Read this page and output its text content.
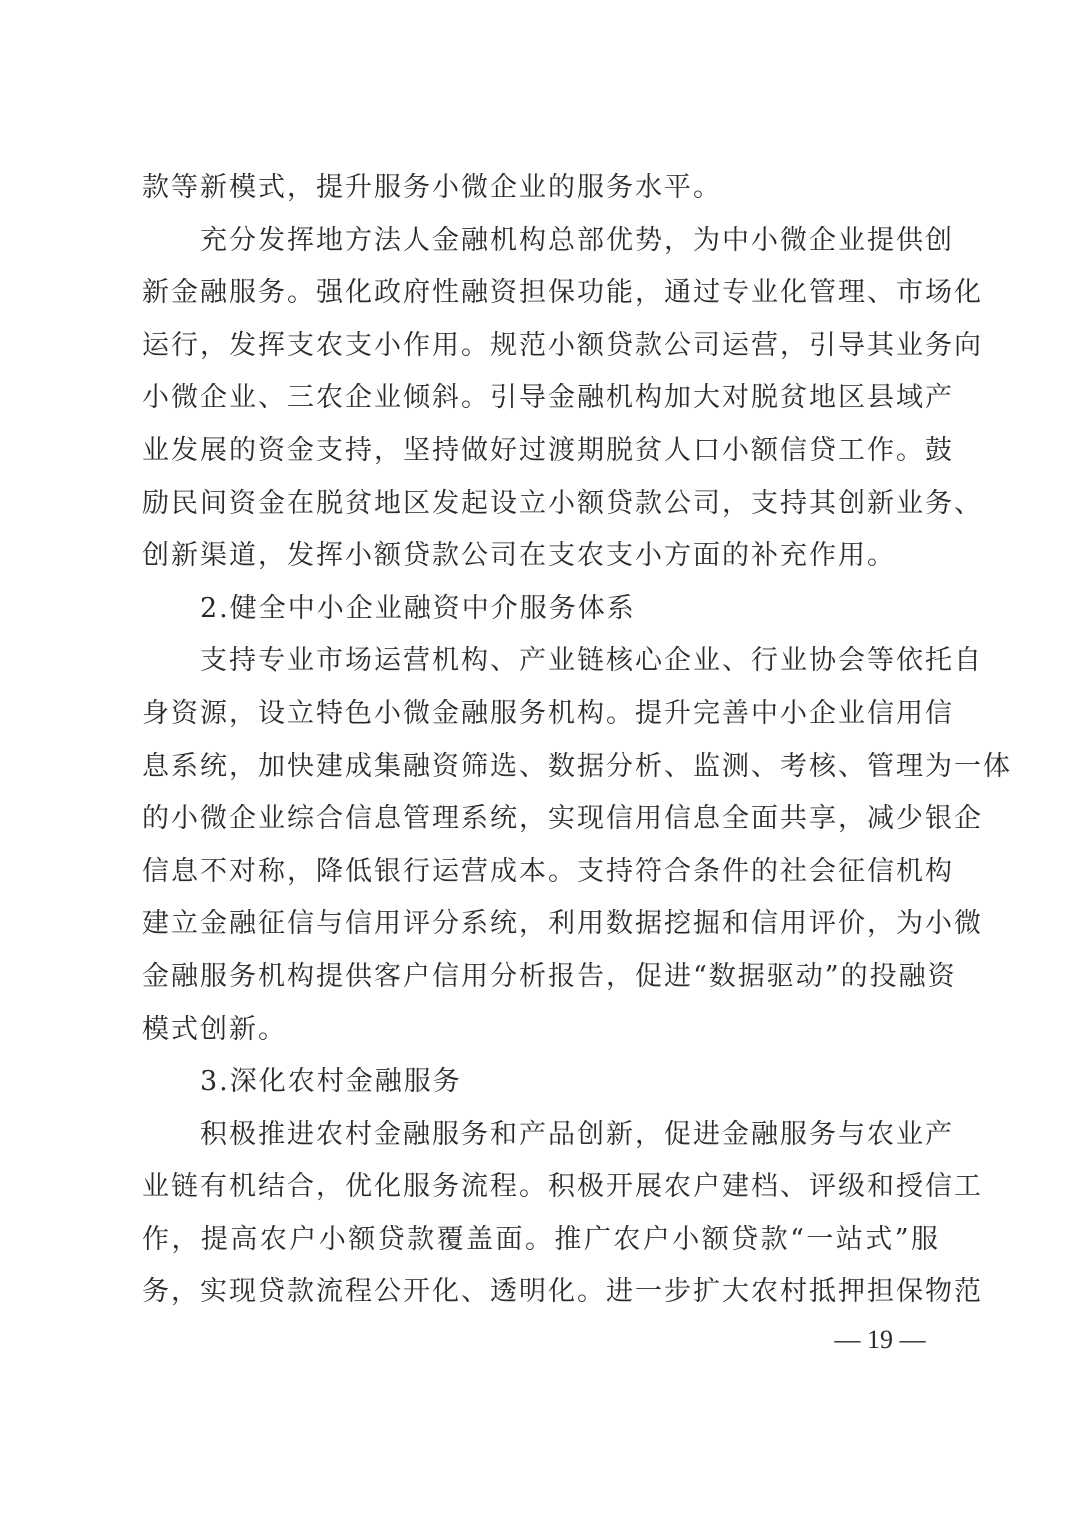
款等新模式，提升服务小微企业的服务水平。
充分发挥地方法人金融机构总部优势，为中小微企业提供创
新金融服务。强化政府性融资担保功能，通过专业化管理、市场化
运行，发挥支农支小作用。规范小额贷款公司运营，引导其业务向
小微企业、三农企业倾斜。引导金融机构加大对脱贫地区县域产
业发展的资金支持，坚持做好过渡期脱贫人口小额信贷工作。鼓
励民间资金在脱贫地区发起设立小额贷款公司，支持其创新业务、
创新渠道，发挥小额贷款公司在支农支小方面的补充作用。
2.健全中小企业融资中介服务体系
支持专业市场运营机构、产业链核心企业、行业协会等依托自
身资源，设立特色小微金融服务机构。提升完善中小企业信用信
息系统，加快建成集融资筛选、数据分析、监测、考核、管理为一体
的小微企业综合信息管理系统，实现信用信息全面共享，减少银企
信息不对称，降低银行运营成本。支持符合条件的社会征信机构
建立金融征信与信用评分系统，利用数据挖掘和信用评价，为小微
金融服务机构提供客户信用分析报告，促进“数据驱动”的投融资
模式创新。
3.深化农村金融服务
积极推进农村金融服务和产品创新，促进金融服务与农业产
业链有机结合，优化服务流程。积极开展农户建档、评级和授信工
作，提高农户小额贷款覆盖面。推广农户小额贷款“一站式”服
务，实现贷款流程公开化、透明化。进一步扩大农村抵押担保物范
— 19 —
